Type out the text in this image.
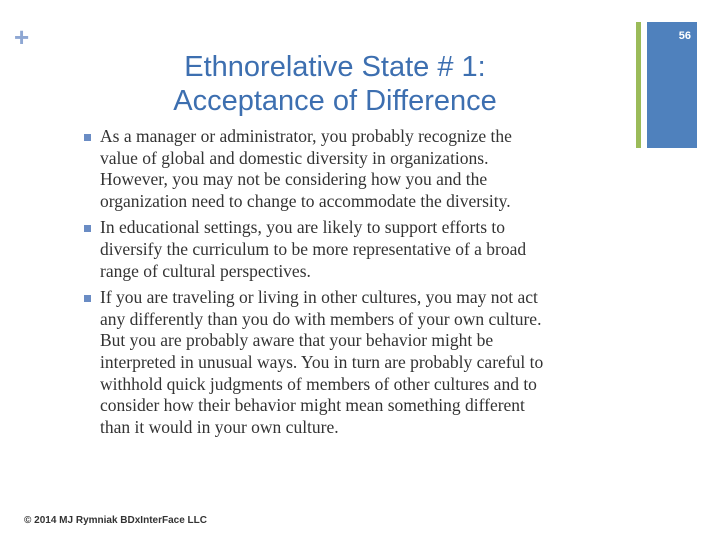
+	56
Ethnorelative State # 1:
Acceptance of Difference
As a manager or administrator, you probably recognize the
value of global and domestic diversity in organizations.
However, you may not be considering how you and the
organization need to change to accommodate the diversity.
In educational settings, you are likely to support efforts to
diversify the curriculum to be more representative of a broad
range of cultural perspectives.
If you are traveling or living in other cultures, you may not act
any differently than you do with members of your own culture.
But you are probably aware that your behavior might be
interpreted in unusual ways. You in turn are probably careful to
withhold quick judgments of members of other cultures and to
consider how their behavior might mean something different
than it would in your own culture.
© 2014 MJ Rymniak BDxInterFace LLC
